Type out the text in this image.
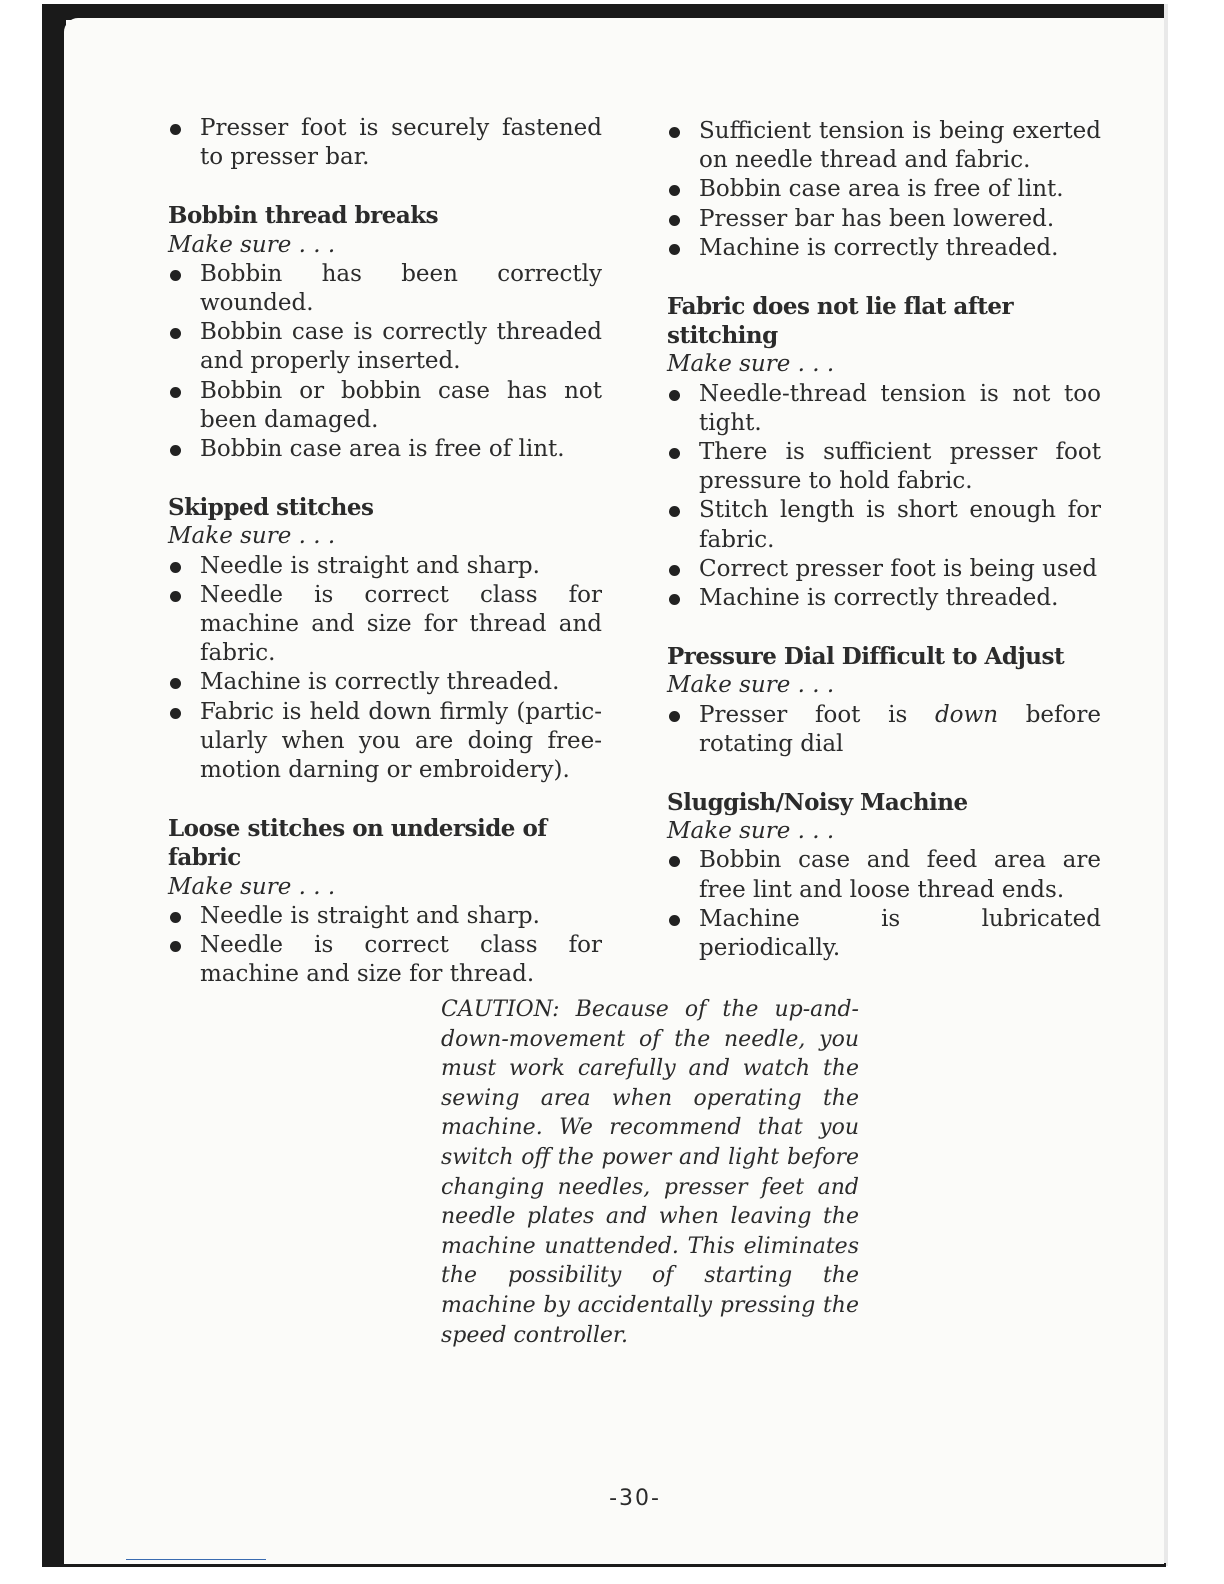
Presser foot is securely fastened to presser bar.
Bobbin thread breaks
Make sure . . .
Bobbin has been correctly wounded.
Bobbin case is correctly threaded and properly inserted.
Bobbin or bobbin case has not been damaged.
Bobbin case area is free of lint.
Skipped stitches
Make sure . . .
Needle is straight and sharp.
Needle is correct class for machine and size for thread and fabric.
Machine is correctly threaded.
Fabric is held down firmly (partic-ularly when you are doing free-motion darning or embroidery).
Loose stitches on underside of fabric
Make sure . . .
Needle is straight and sharp.
Needle is correct class for machine and size for thread.
Sufficient tension is being exerted on needle thread and fabric.
Bobbin case area is free of lint.
Presser bar has been lowered.
Machine is correctly threaded.
Fabric does not lie flat after stitching
Make sure . . .
Needle-thread tension is not too tight.
There is sufficient presser foot pressure to hold fabric.
Stitch length is short enough for fabric.
Correct presser foot is being used
Machine is correctly threaded.
Pressure Dial Difficult to Adjust
Make sure . . .
Presser foot is down before rotating dial
Sluggish/Noisy Machine
Make sure . . .
Bobbin case and feed area are free lint and loose thread ends.
Machine is lubricated periodically.
CAUTION: Because of the up-and-down-movement of the needle, you must work carefully and watch the sewing area when operating the machine. We recommend that you switch off the power and light before changing needles, presser feet and needle plates and when leaving the machine unattended. This eliminates the possibility of starting the machine by accidentally pressing the speed controller.
-30-
